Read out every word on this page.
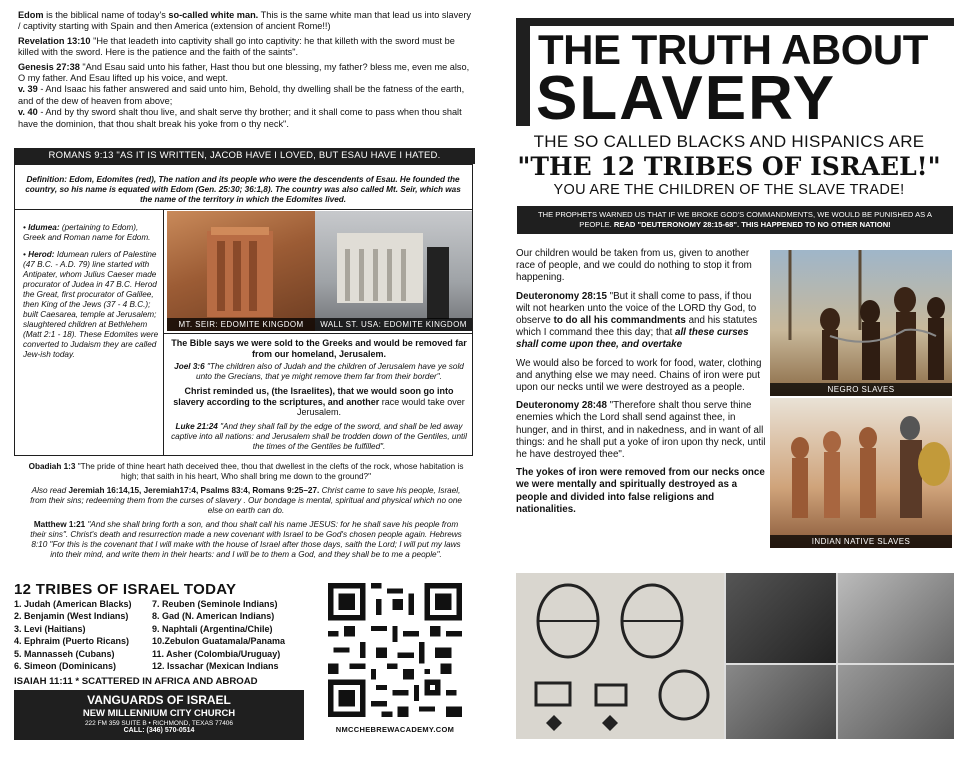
Edom is the biblical name of today's so-called white man. This is the same white man that lead us into slavery / captivity starting with Spain and then America (extension of ancient Rome!!)
Revelation 13:10 "He that leadeth into captivity shall go into captivity: he that killeth with the sword must be killed with the sword. Here is the patience and the faith of the saints".
Genesis 27:38 "And Esau said unto his father, Hast thou but one blessing, my father? bless me, even me also, O my father. And Esau lifted up his voice, and wept.
v. 39 - And Isaac his father answered and said unto him, Behold, thy dwelling shall be the fatness of the earth, and of the dew of heaven from above;
v. 40 - And by thy sword shalt thou live, and shalt serve thy brother; and it shall come to pass when thou shalt have the dominion, that thou shalt break his yoke from o thy neck".
ROMANS 9:13 "AS IT IS WRITTEN, JACOB HAVE I LOVED, BUT ESAU HAVE I HATED.
Definition: Edom, Edomites (red), The nation and its people who were the descendents of Esau. He founded the country, so his name is equated with Edom (Gen. 25:30; 36:1,8). The country was also called Mt. Seir, which was the name of the territory in which the Edomites lived.
• Idumea: (pertaining to Edom), Greek and Roman name for Edom.
• Herod: Idumean rulers of Palestine (47 B.C. - A.D. 79) line started with Antipater, whom Julius Caeser made procurator of Judea in 47 B.C. Herod the Great, first procurator of Galilee, then King of the Jews (37 - 4 B.C.); built Caesarea, temple at Jerusalem; slaughtered children at Bethlehem (Matt 2:1 - 18). These Edomites were converted to Judaism they are called Jew-ish today.
MT. SEIR: EDOMITE KINGDOM	WALL ST. USA: EDOMITE KINGDOM
The Bible says we were sold to the Greeks and would be removed far from our homeland, Jerusalem.
Joel 3:6 "The children also of Judah and the children of Jerusalem have ye sold unto the Grecians, that ye might remove them far from their border".
Christ reminded us, (the Israelites), that we would soon go into slavery according to the scriptures, and another race would take over Jerusalem.
Luke 21:24 "And they shall fall by the edge of the sword, and shall be led away captive into all nations: and Jerusalem shall be trodden down of the Gentiles, until the times of the Gentiles be fulfilled".
Obadiah 1:3 "The pride of thine heart hath deceived thee, thou that dwellest in the clefts of the rock, whose habitation is high; that saith in his heart, Who shall bring me down to the ground?"
Also read Jeremiah 16:14,15, Jeremiah17:4, Psalms 83:4, Romans 9:25–27. Christ came to save his people, Israel, from their sins; redeeming them from the curses of slavery . Our bondage is mental, spiritual and physical which no one else on earth can do.
Matthew 1:21 "And she shall bring forth a son, and thou shalt call his name JESUS: for he shall save his people from their sins". Christ's death and resurrection made a new covenant with Israel to be God's chosen people again. Hebrews 8:10 "For this is the covenant that I will make with the house of Israel after those days, saith the Lord; I will put my laws into their mind, and write them in their hearts: and I will be to them a God, and they shall be to me a people".
12 TRIBES OF ISRAEL TODAY
1. Judah (American Blacks)
2. Benjamin (West Indians)
3. Levi (Haitians)
4. Ephraim (Puerto Ricans)
5. Mannasseh (Cubans)
6. Simeon (Dominicans)
7. Reuben (Seminole Indians)
8. Gad (N. American Indians)
9. Naphtali (Argentina/Chile)
10.Zebulon Guatamala/Panama
11. Asher (Colombia/Uruguay)
12. Issachar (Mexican Indians
ISAIAH 11:11 * SCATTERED IN AFRICA AND ABROAD
VANGUARDS OF ISRAEL
NEW MILLENNIUM CITY CHURCH
222 FM 359 SUITE B • RICHMOND, TEXAS 77406
CALL: (346) 570-0514	NMCCHEBREWACADEMY.COM
THE TRUTH ABOUT
SLAVERY
THE SO CALLED BLACKS AND HISPANICS ARE
"THE 12 TRIBES OF ISRAEL!"
YOU ARE THE CHILDREN OF THE SLAVE TRADE!
THE PROPHETS WARNED US THAT IF WE BROKE GOD'S COMMANDMENTS, WE WOULD BE PUNISHED AS A PEOPLE. READ "DEUTERONOMY 28:15-68". THIS HAPPENED TO NO OTHER NATION!
Our children would be taken from us, given to another race of people, and we could do nothing to stop it from happening.
Deuteronomy 28:15 "But it shall come to pass, if thou wilt not hearken unto the voice of the LORD thy God, to observe to do all his commandments and his statutes which I command thee this day; that all these curses shall come upon thee, and overtake
We would also be forced to work for food, water, clothing and anything else we may need. Chains of iron were put upon our necks until we were destroyed as a people.
Deuteronomy 28:48 "Therefore shalt thou serve thine enemies which the Lord shall send against thee, in hunger, and in thirst, and in nakedness, and in want of all things: and he shall put a yoke of iron upon thy neck, until he have destroyed thee".
The yokes of iron were removed from our necks once we were mentally and spiritually destroyed as a people and divided into false religions and nationalities.
NEGRO SLAVES
INDIAN NATIVE SLAVES
